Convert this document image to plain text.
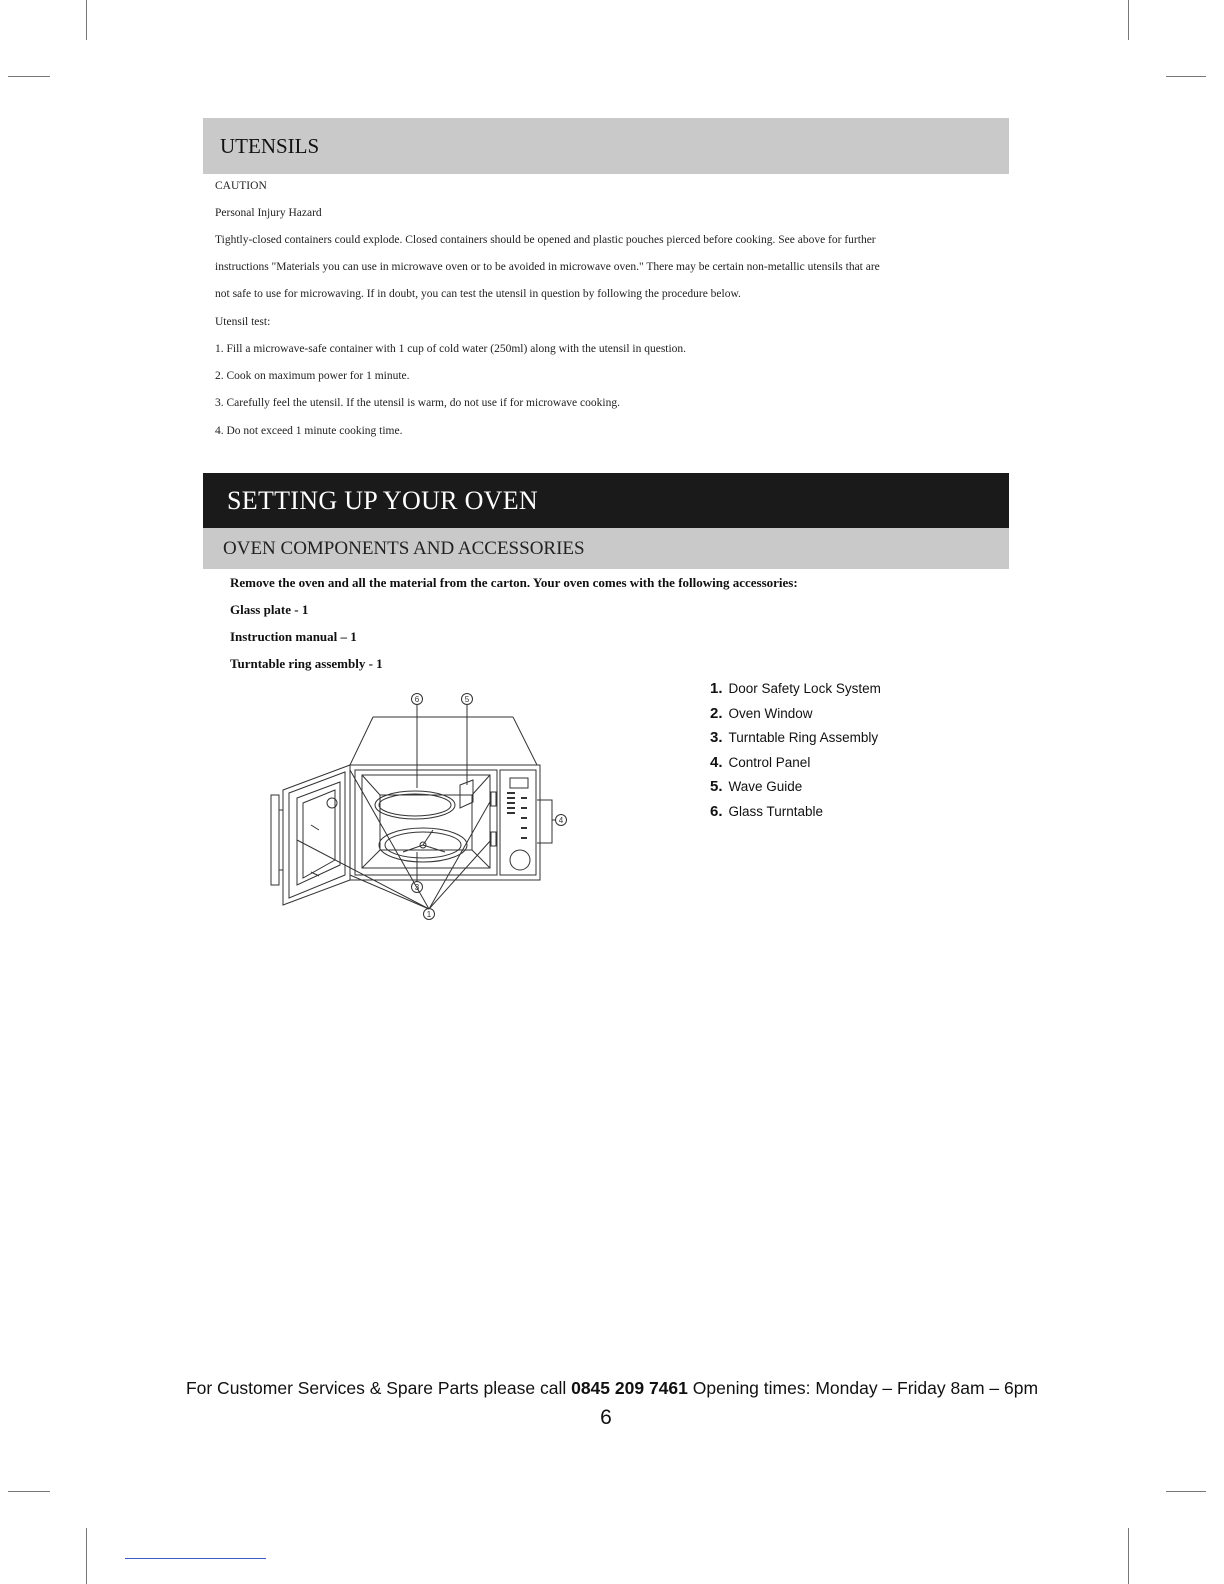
UTENSILS
CAUTION
Personal Injury Hazard
Tightly-closed containers could explode. Closed containers should be opened and plastic pouches pierced before cooking. See above for further
instructions "Materials you can use in microwave oven or to be avoided in microwave oven." There may be certain non-metallic utensils that are
not safe to use for microwaving. If in doubt, you can test the utensil in question by following the procedure below.
Utensil test:
1. Fill a microwave-safe container with 1 cup of cold water (250ml) along with the utensil in question.
2. Cook on maximum power for 1 minute.
3. Carefully feel the utensil. If the utensil is warm, do not use if for microwave cooking.
4. Do not exceed 1 minute cooking time.
SETTING UP YOUR OVEN
OVEN COMPONENTS AND ACCESSORIES
Remove the oven and all the material from the carton. Your oven comes with the following accessories:
Glass plate - 1
Instruction manual – 1
Turntable ring assembly - 1
6	5
4
3
1
1. Door Safety Lock System
2. Oven Window
3. Turntable Ring Assembly
4. Control Panel
5. Wave Guide
6. Glass Turntable
For Customer Services & Spare Parts please call 0845 209 7461 Opening times: Monday – Friday 8am – 6pm
6
